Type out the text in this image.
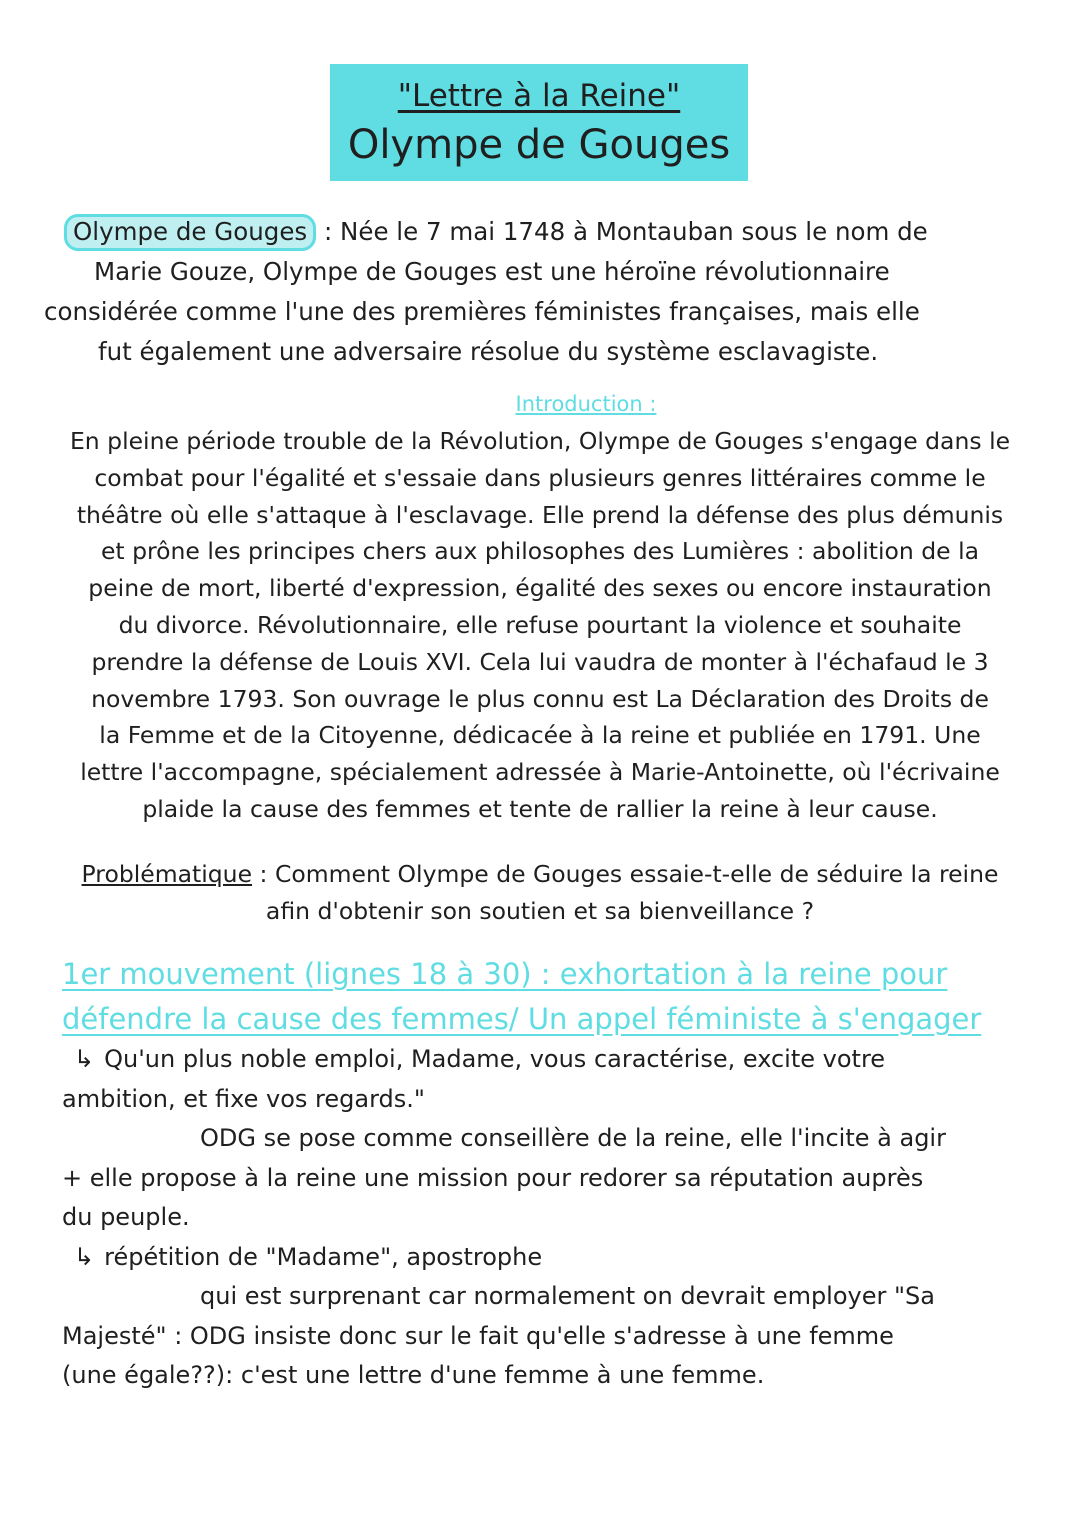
"Lettre à la Reine"
Olympe de Gouges
Olympe de Gouges : Née le 7 mai 1748 à Montauban sous le nom de
Marie Gouze, Olympe de Gouges est une héroïne révolutionnaire
considérée comme l'une des premières féministes françaises, mais elle
fut également une adversaire résolue du système esclavagiste.
Introduction :
En pleine période trouble de la Révolution, Olympe de Gouges s'engage dans le
combat pour l'égalité et s'essaie dans plusieurs genres littéraires comme le
théâtre où elle s'attaque à l'esclavage. Elle prend la défense des plus démunis
et prône les principes chers aux philosophes des Lumières : abolition de la
peine de mort, liberté d'expression, égalité des sexes ou encore instauration
du divorce. Révolutionnaire, elle refuse pourtant la violence et souhaite
prendre la défense de Louis XVI. Cela lui vaudra de monter à l'échafaud le 3
novembre 1793. Son ouvrage le plus connu est La Déclaration des Droits de
la Femme et de la Citoyenne, dédicacée à la reine et publiée en 1791. Une
lettre l'accompagne, spécialement adressée à Marie-Antoinette, où l'écrivaine
plaide la cause des femmes et tente de rallier la reine à leur cause.
Problématique : Comment Olympe de Gouges essaie-t-elle de séduire la reine
afin d'obtenir son soutien et sa bienveillance ?
1er mouvement (lignes 18 à 30) : exhortation à la reine pour
défendre la cause des femmes/ Un appel féministe à s'engager
↳ Qu'un plus noble emploi, Madame, vous caractérise, excite votre
ambition, et fixe vos regards."
ODG se pose comme conseillère de la reine, elle l'incite à agir
+ elle propose à la reine une mission pour redorer sa réputation auprès
du peuple.
↳ répétition de "Madame", apostrophe
qui est surprenant car normalement on devrait employer "Sa
Majesté" : ODG insiste donc sur le fait qu'elle s'adresse à une femme
(une égale??): c'est une lettre d'une femme à une femme.
